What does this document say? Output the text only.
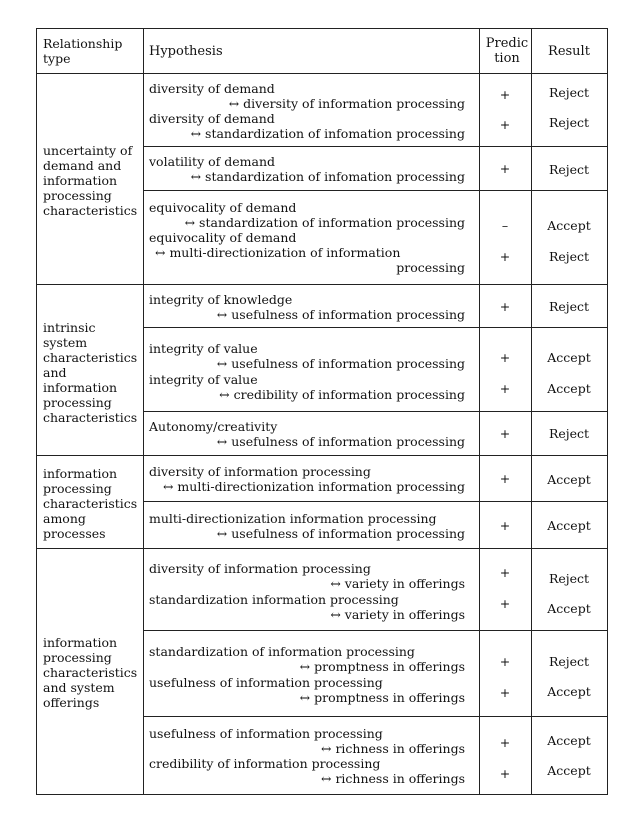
Relationship type	Hypothesis
Prediction	Result
uncertainty of demand and information processing characteristics
intrinsic system characteristics and information processing characteristics
information processing characteristics among processes
information processing characteristics and system offerings
diversity of demand
↔ diversity of information processing
diversity of demand
↔ standardization of infomation processing
volatility of demand
↔ standardization of infomation processing
equivocality of demand
↔ standardization of information processing
equivocality of demand
↔ multi-directionization of information
processing
+
+
+
–
+
Reject
Reject
Reject
Accept
Reject
integrity of knowledge
↔ usefulness of information processing
integrity of value
↔ usefulness of information processing
integrity of value
↔ credibility of information processing
Autonomy/creativity
↔ usefulness of information processing
+
+
+
+
Reject
Accept
Accept
Reject
diversity of information processing
↔ multi-directionization information processing
multi-directionization information processing
↔ usefulness of information processing
+
+
Accept
Accept
diversity of information processing
↔ variety in offerings
standardization information processing
↔ variety in offerings
standardization of information processing
↔ promptness in offerings
usefulness of information processing
↔ promptness in offerings
usefulness of information processing
↔ richness in offerings
credibility of information processing
↔ richness in offerings
+
+
+
+
+
+
Reject
Accept
Reject
Accept
Accept
Accept
